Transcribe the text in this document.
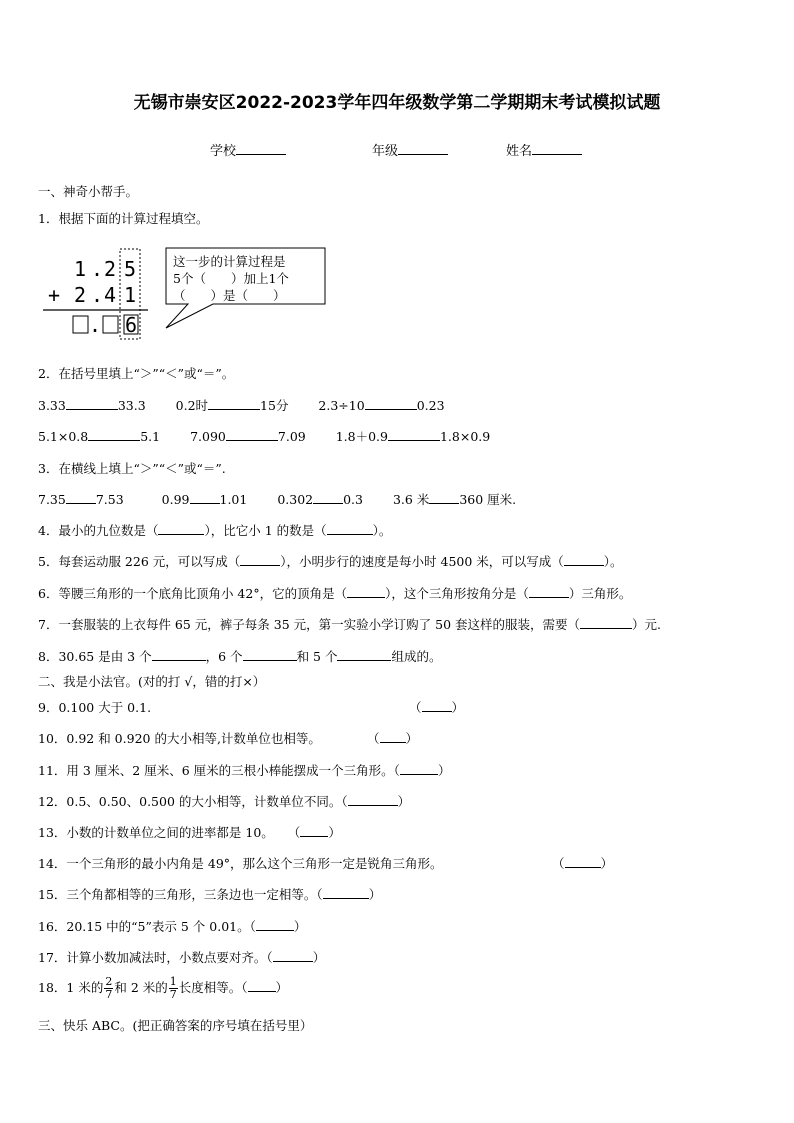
无锡市崇安区2022-2023学年四年级数学第二学期期末考试模拟试题
学校	年级	姓名
一、神奇小帮手。
1．根据下面的计算过程填空。
1 . 2 5
+ 2 . 4 1
. 6
这一步的计算过程是
5个（　　）加上1个
（　　）是（　　）
2．在括号里填上“＞”“＜”或“＝”。
3.33	33.3 0.2时	15分 2.3÷10	0.23
5.1×0.8	5.1 7.090	7.09 1.8＋0.9	1.8×0.9
3．在横线上填上“＞”“＜”或“＝”.
7.35 7.53	0.99 1.01 0.302 0.3 3.6 米 360 厘米.
4．最小的九位数是（	），比它小 1 的数是（	）。
5．每套运动服 226 元，可以写成（	），小明步行的速度是每小时 4500 米，可以写成（	）。
6．等腰三角形的一个底角比顶角小 42°，它的顶角是（	），这个三角形按角分是（	）三角形。
7．一套服装的上衣每件 65 元，裤子每条 35 元，第一实验小学订购了 50 套这样的服装，需要（	）元.
8．30.65 是由 3 个	，6 个	和 5 个	组成的。
二、我是小法官。(对的打 √，错的打×）
9．0.100 大于 0.1.	（ ）
10．0.92 和 0.920 的大小相等,计数单位也相等。	（ ）
11．用 3 厘米、2 厘米、6 厘米的三根小棒能摆成一个三角形。（	）
12．0.5、0.50、0.500 的大小相等，计数单位不同。（	）
13．小数的计数单位之间的进率都是 10。 （ ）
14．一个三角形的最小内角是 49°，那么这个三角形一定是锐角三角形。	（	）
15．三个角都相等的三角形，三条边也一定相等。（	）
16．20.15 中的“5”表示 5 个 0.01。（	）
17．计算小数加减法时，小数点要对齐。（	）
18．1 米的 $\frac{2}{7}$ 和 2 米的 $\frac{1}{7}$ 长度相等。（ ）
三、快乐 ABC。(把正确答案的序号填在括号里）
